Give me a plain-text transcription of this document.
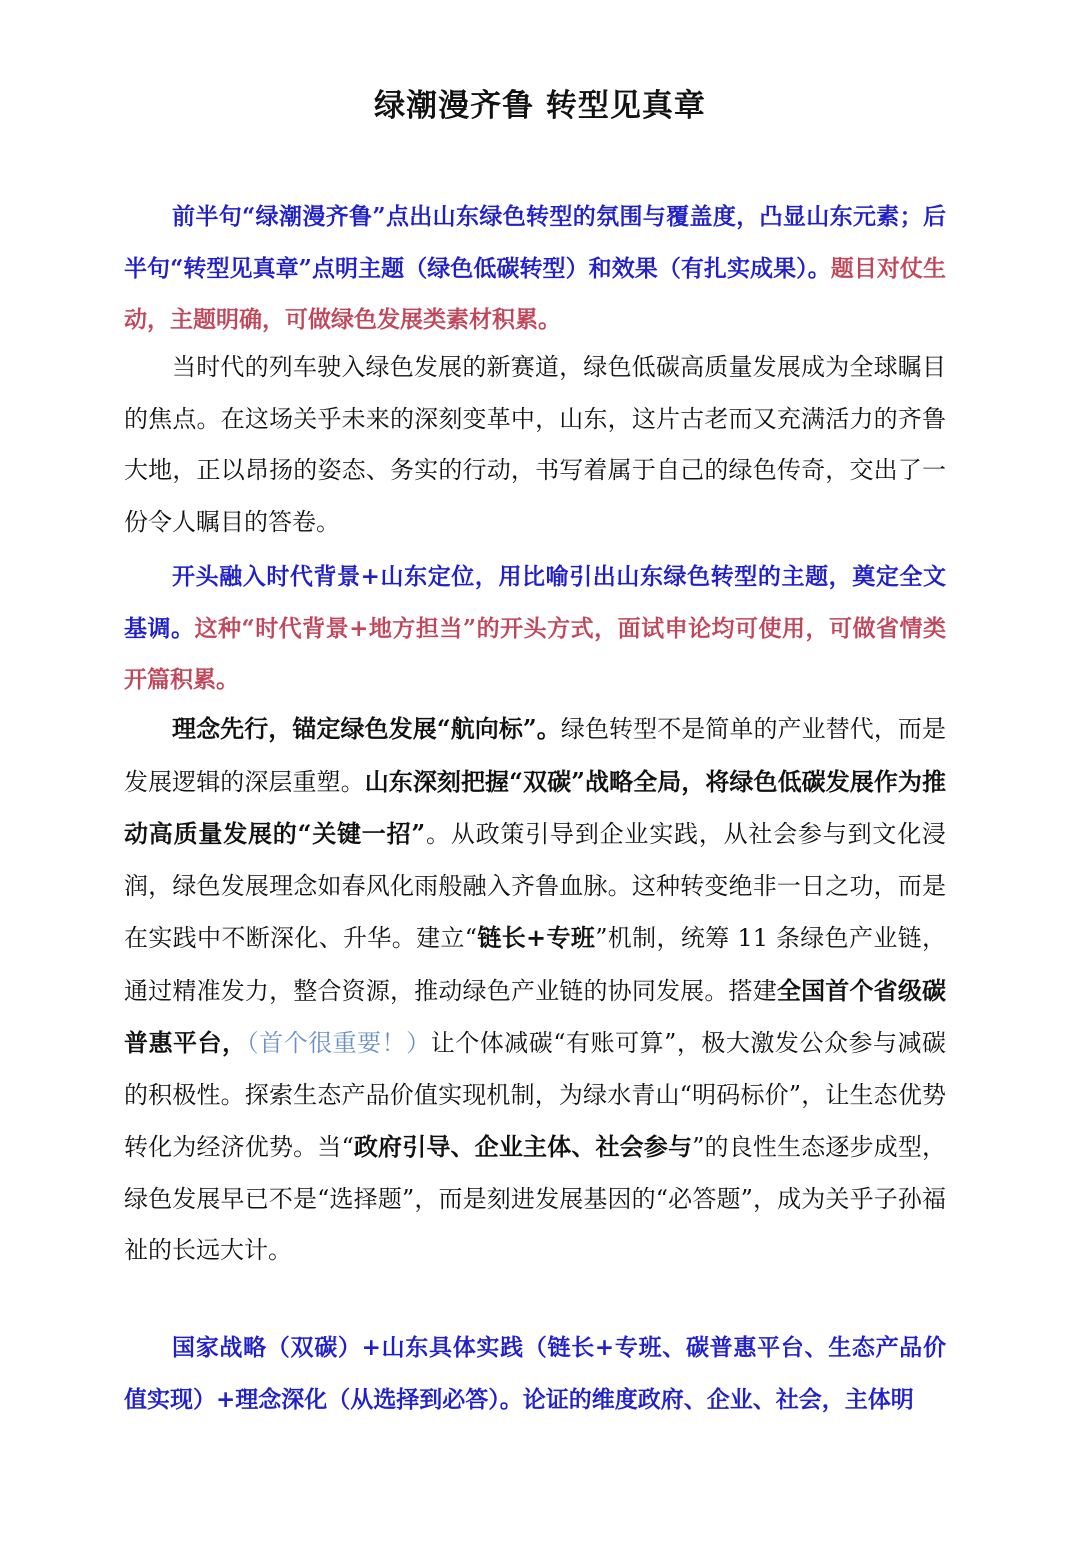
绿潮漫齐鲁 转型见真章

前半句“绿潮漫齐鲁”点出山东绿色转型的氛围与覆盖度，凸显山东元素；后半句“转型见真章”点明主题（绿色低碳转型）和效果（有扎实成果）。题目对仗生动，主题明确，可做绿色发展类素材积累。

当时代的列车驶入绿色发展的新赛道，绿色低碳高质量发展成为全球瞩目的焦点。在这场关乎未来的深刻变革中，山东，这片古老而又充满活力的齐鲁大地，正以昂扬的姿态、务实的行动，书写着属于自己的绿色传奇，交出了一份令人瞩目的答卷。

开头融入时代背景+山东定位，用比喻引出山东绿色转型的主题，奠定全文基调。这种“时代背景+地方担当”的开头方式，面试申论均可使用，可做省情类开篇积累。

理念先行，锚定绿色发展“航向标”。绿色转型不是简单的产业替代，而是发展逻辑的深层重塑。山东深刻把握“双碳”战略全局，将绿色低碳发展作为推动高质量发展的“关键一招”。从政策引导到企业实践，从社会参与到文化浸润，绿色发展理念如春风化雨般融入齐鲁血脉。这种转变绝非一日之功，而是在实践中不断深化、升华。建立“链长+专班”机制，统筹 11 条绿色产业链，通过精准发力，整合资源，推动绿色产业链的协同发展。搭建全国首个省级碳普惠平台，（首个很重要！）让个体减碳“有账可算”，极大激发公众参与减碳的积极性。探索生态产品价值实现机制，为绿水青山“明码标价”，让生态优势转化为经济优势。当“政府引导、企业主体、社会参与”的良性生态逐步成型，绿色发展早已不是“选择题”，而是刻进发展基因的“必答题”，成为关乎子孙福祉的长远大计。

国家战略（双碳）+山东具体实践（链长+专班、碳普惠平台、生态产品价值实现）+理念深化（从选择到必答）。论证的维度政府、企业、社会，主体明
